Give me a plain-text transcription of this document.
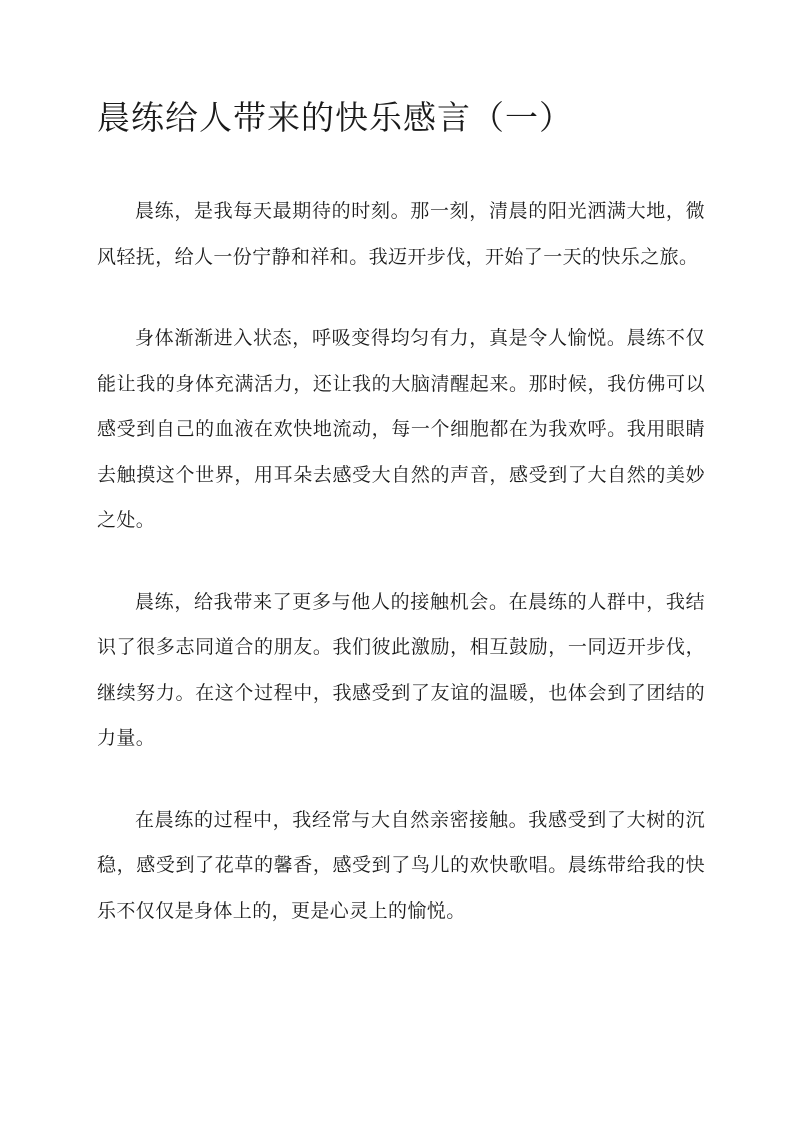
晨练给人带来的快乐感言（一）

晨练，是我每天最期待的时刻。那一刻，清晨的阳光洒满大地，微风轻抚，给人一份宁静和祥和。我迈开步伐，开始了一天的快乐之旅。

身体渐渐进入状态，呼吸变得均匀有力，真是令人愉悦。晨练不仅能让我的身体充满活力，还让我的大脑清醒起来。那时候，我仿佛可以感受到自己的血液在欢快地流动，每一个细胞都在为我欢呼。我用眼睛去触摸这个世界，用耳朵去感受大自然的声音，感受到了大自然的美妙之处。

晨练，给我带来了更多与他人的接触机会。在晨练的人群中，我结识了很多志同道合的朋友。我们彼此激励，相互鼓励，一同迈开步伐，继续努力。在这个过程中，我感受到了友谊的温暖，也体会到了团结的力量。

在晨练的过程中，我经常与大自然亲密接触。我感受到了大树的沉稳，感受到了花草的馨香，感受到了鸟儿的欢快歌唱。晨练带给我的快乐不仅仅是身体上的，更是心灵上的愉悦。
